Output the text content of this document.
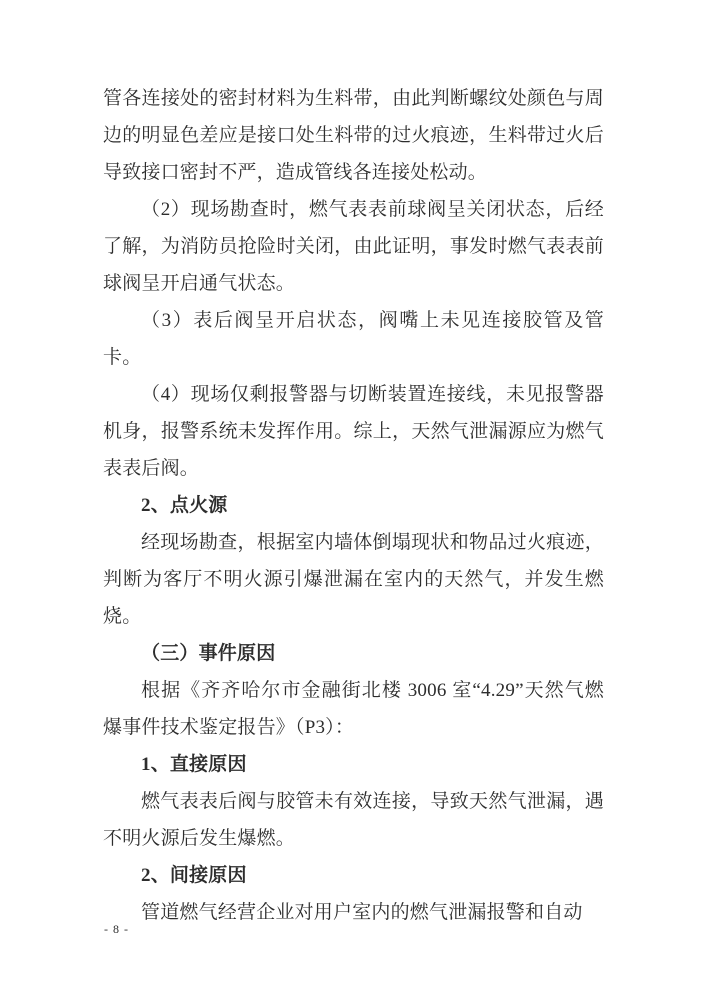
管各连接处的密封材料为生料带，由此判断螺纹处颜色与周边的明显色差应是接口处生料带的过火痕迹，生料带过火后导致接口密封不严，造成管线各连接处松动。

（2）现场勘查时，燃气表表前球阀呈关闭状态，后经了解，为消防员抢险时关闭，由此证明，事发时燃气表表前球阀呈开启通气状态。

（3）表后阀呈开启状态，阀嘴上未见连接胶管及管卡。

（4）现场仅剩报警器与切断装置连接线，未见报警器机身，报警系统未发挥作用。综上，天然气泄漏源应为燃气表表后阀。

2、点火源

经现场勘查，根据室内墙体倒塌现状和物品过火痕迹，判断为客厅不明火源引爆泄漏在室内的天然气，并发生燃烧。

（三）事件原因

根据《齐齐哈尔市金融街北楼 3006 室“4.29”天然气燃爆事件技术鉴定报告》（P3）：

1、直接原因

燃气表表后阀与胶管未有效连接，导致天然气泄漏，遇不明火源后发生爆燃。

2、间接原因

管道燃气经营企业对用户室内的燃气泄漏报警和自动

- 8 -
